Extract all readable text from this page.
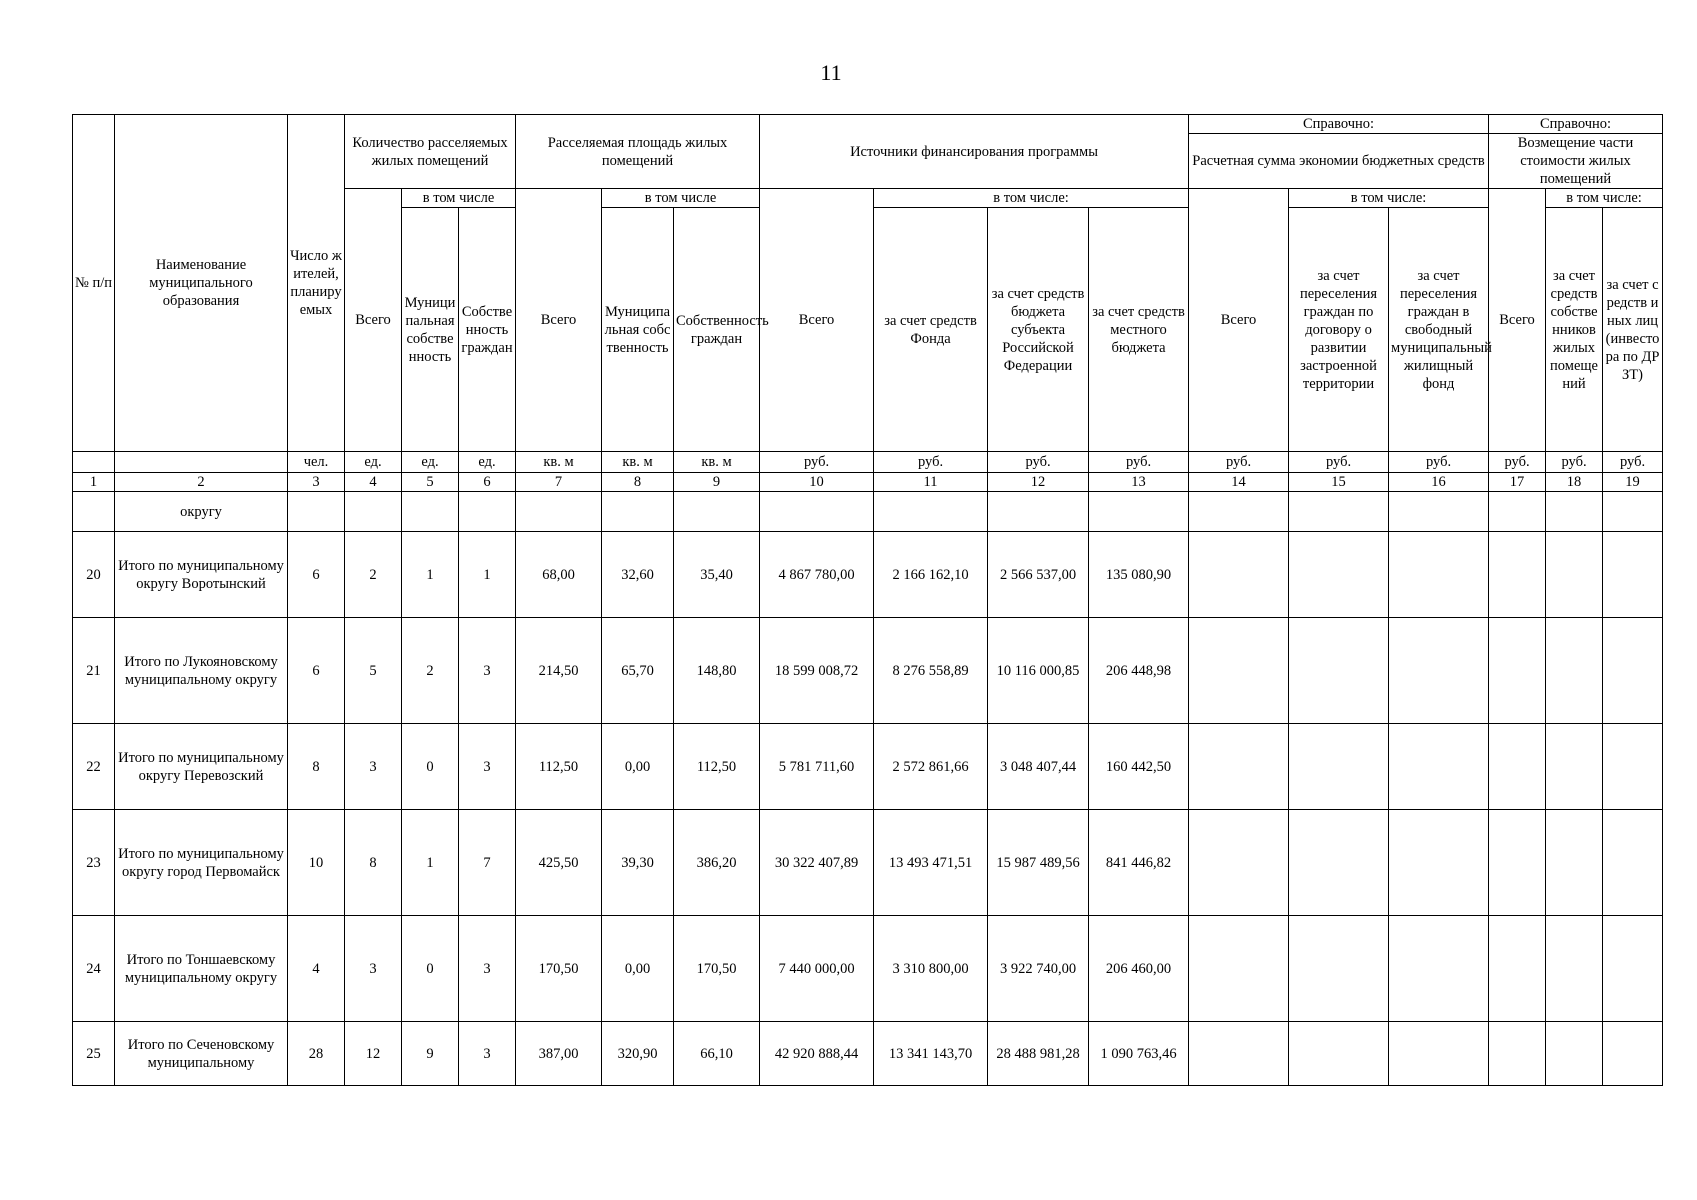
11
№ п/п	Наименование муниципального образования	Число жителей, планируемых	Количество расселяемых жилых помещений			Расселяемая площадь жилых помещений			Источники финансирования программы				Справочно:			Справочно:		
													Расчетная сумма экономии бюджетных средств			Возмещение части стоимости жилых помещений		
			Всего	в том числе		Всего	в том числе		Всего	в том числе:			Всего	в том числе:		Всего	в том числе:	
				Муниципальная собственность	Собственность граждан		Муниципальная собственность	Собственность граждан		за счет средств Фонда	за счет средств бюджета субъекта Российской Федерации	за счет средств местного бюджета		за счет переселения граждан по договору о развитии застроенной территории	за счет переселения граждан в свободный муниципальный жилищный фонд		за счет средств собственников жилых помещений	за счет средств иных лиц (инвестора по ДРЗТ)
		чел.	ед.	ед.	ед.	кв. м	кв. м	кв. м	руб.	руб.	руб.	руб.	руб.	руб.	руб.	руб.	руб.	руб.
1	2	3	4	5	6	7	8	9	10	11	12	13	14	15	16	17	18	19
	округу																	
20	Итого по муниципальному округу Воротынский	6	2	1	1	68,00	32,60	35,40	4 867 780,00	2 166 162,10	2 566 537,00	135 080,90						
21	Итого по Лукояновскому муниципальному округу	6	5	2	3	214,50	65,70	148,80	18 599 008,72	8 276 558,89	10 116 000,85	206 448,98						
22	Итого по муниципальному округу Перевозский	8	3	0	3	112,50	0,00	112,50	5 781 711,60	2 572 861,66	3 048 407,44	160 442,50						
23	Итого по муниципальному округу город Первомайск	10	8	1	7	425,50	39,30	386,20	30 322 407,89	13 493 471,51	15 987 489,56	841 446,82						
24	Итого по Тоншаевскому муниципальному округу	4	3	0	3	170,50	0,00	170,50	7 440 000,00	3 310 800,00	3 922 740,00	206 460,00						
25	Итого по Сеченовскому муниципальному	28	12	9	3	387,00	320,90	66,10	42 920 888,44	13 341 143,70	28 488 981,28	1 090 763,46						
